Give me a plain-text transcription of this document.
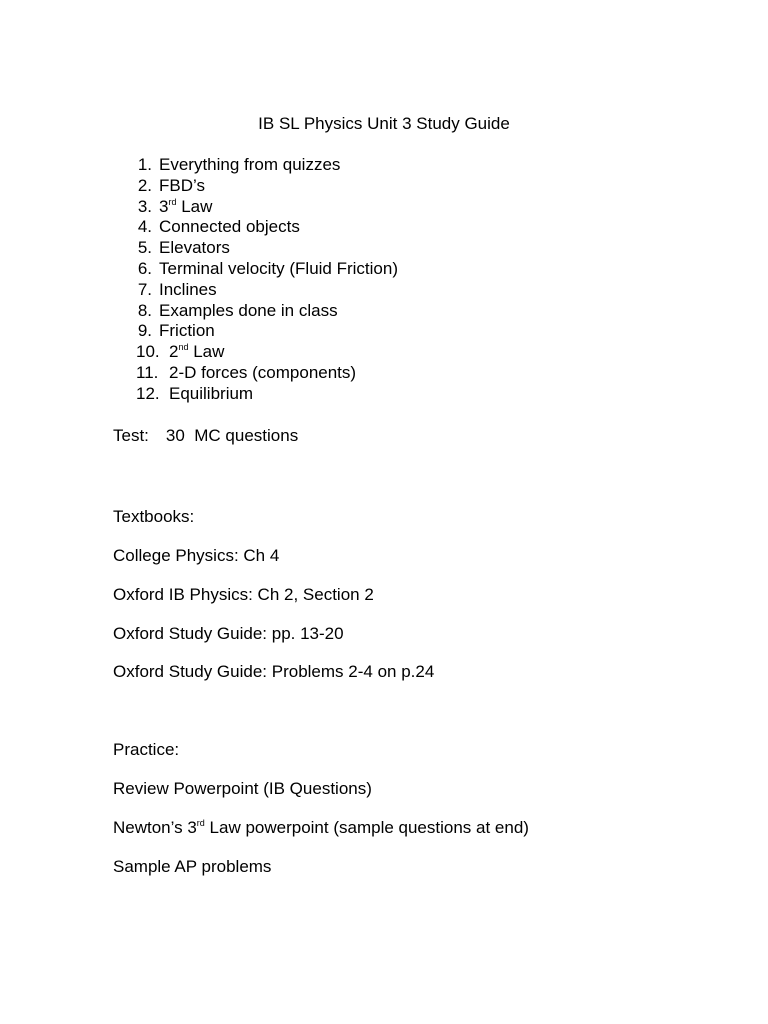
IB SL Physics Unit 3 Study Guide
1. Everything from quizzes
2. FBD’s
3. 3rd Law
4. Connected objects
5. Elevators
6. Terminal velocity (Fluid Friction)
7. Inclines
8. Examples done in class
9. Friction
10. 2nd Law
11. 2-D forces (components)
12. Equilibrium
Test: 30  MC questions
Textbooks:
College Physics: Ch 4
Oxford IB Physics: Ch 2, Section 2
Oxford Study Guide: pp. 13-20
Oxford Study Guide: Problems 2-4 on p.24
Practice:
Review Powerpoint (IB Questions)
Newton’s 3rd Law powerpoint (sample questions at end)
Sample AP problems
